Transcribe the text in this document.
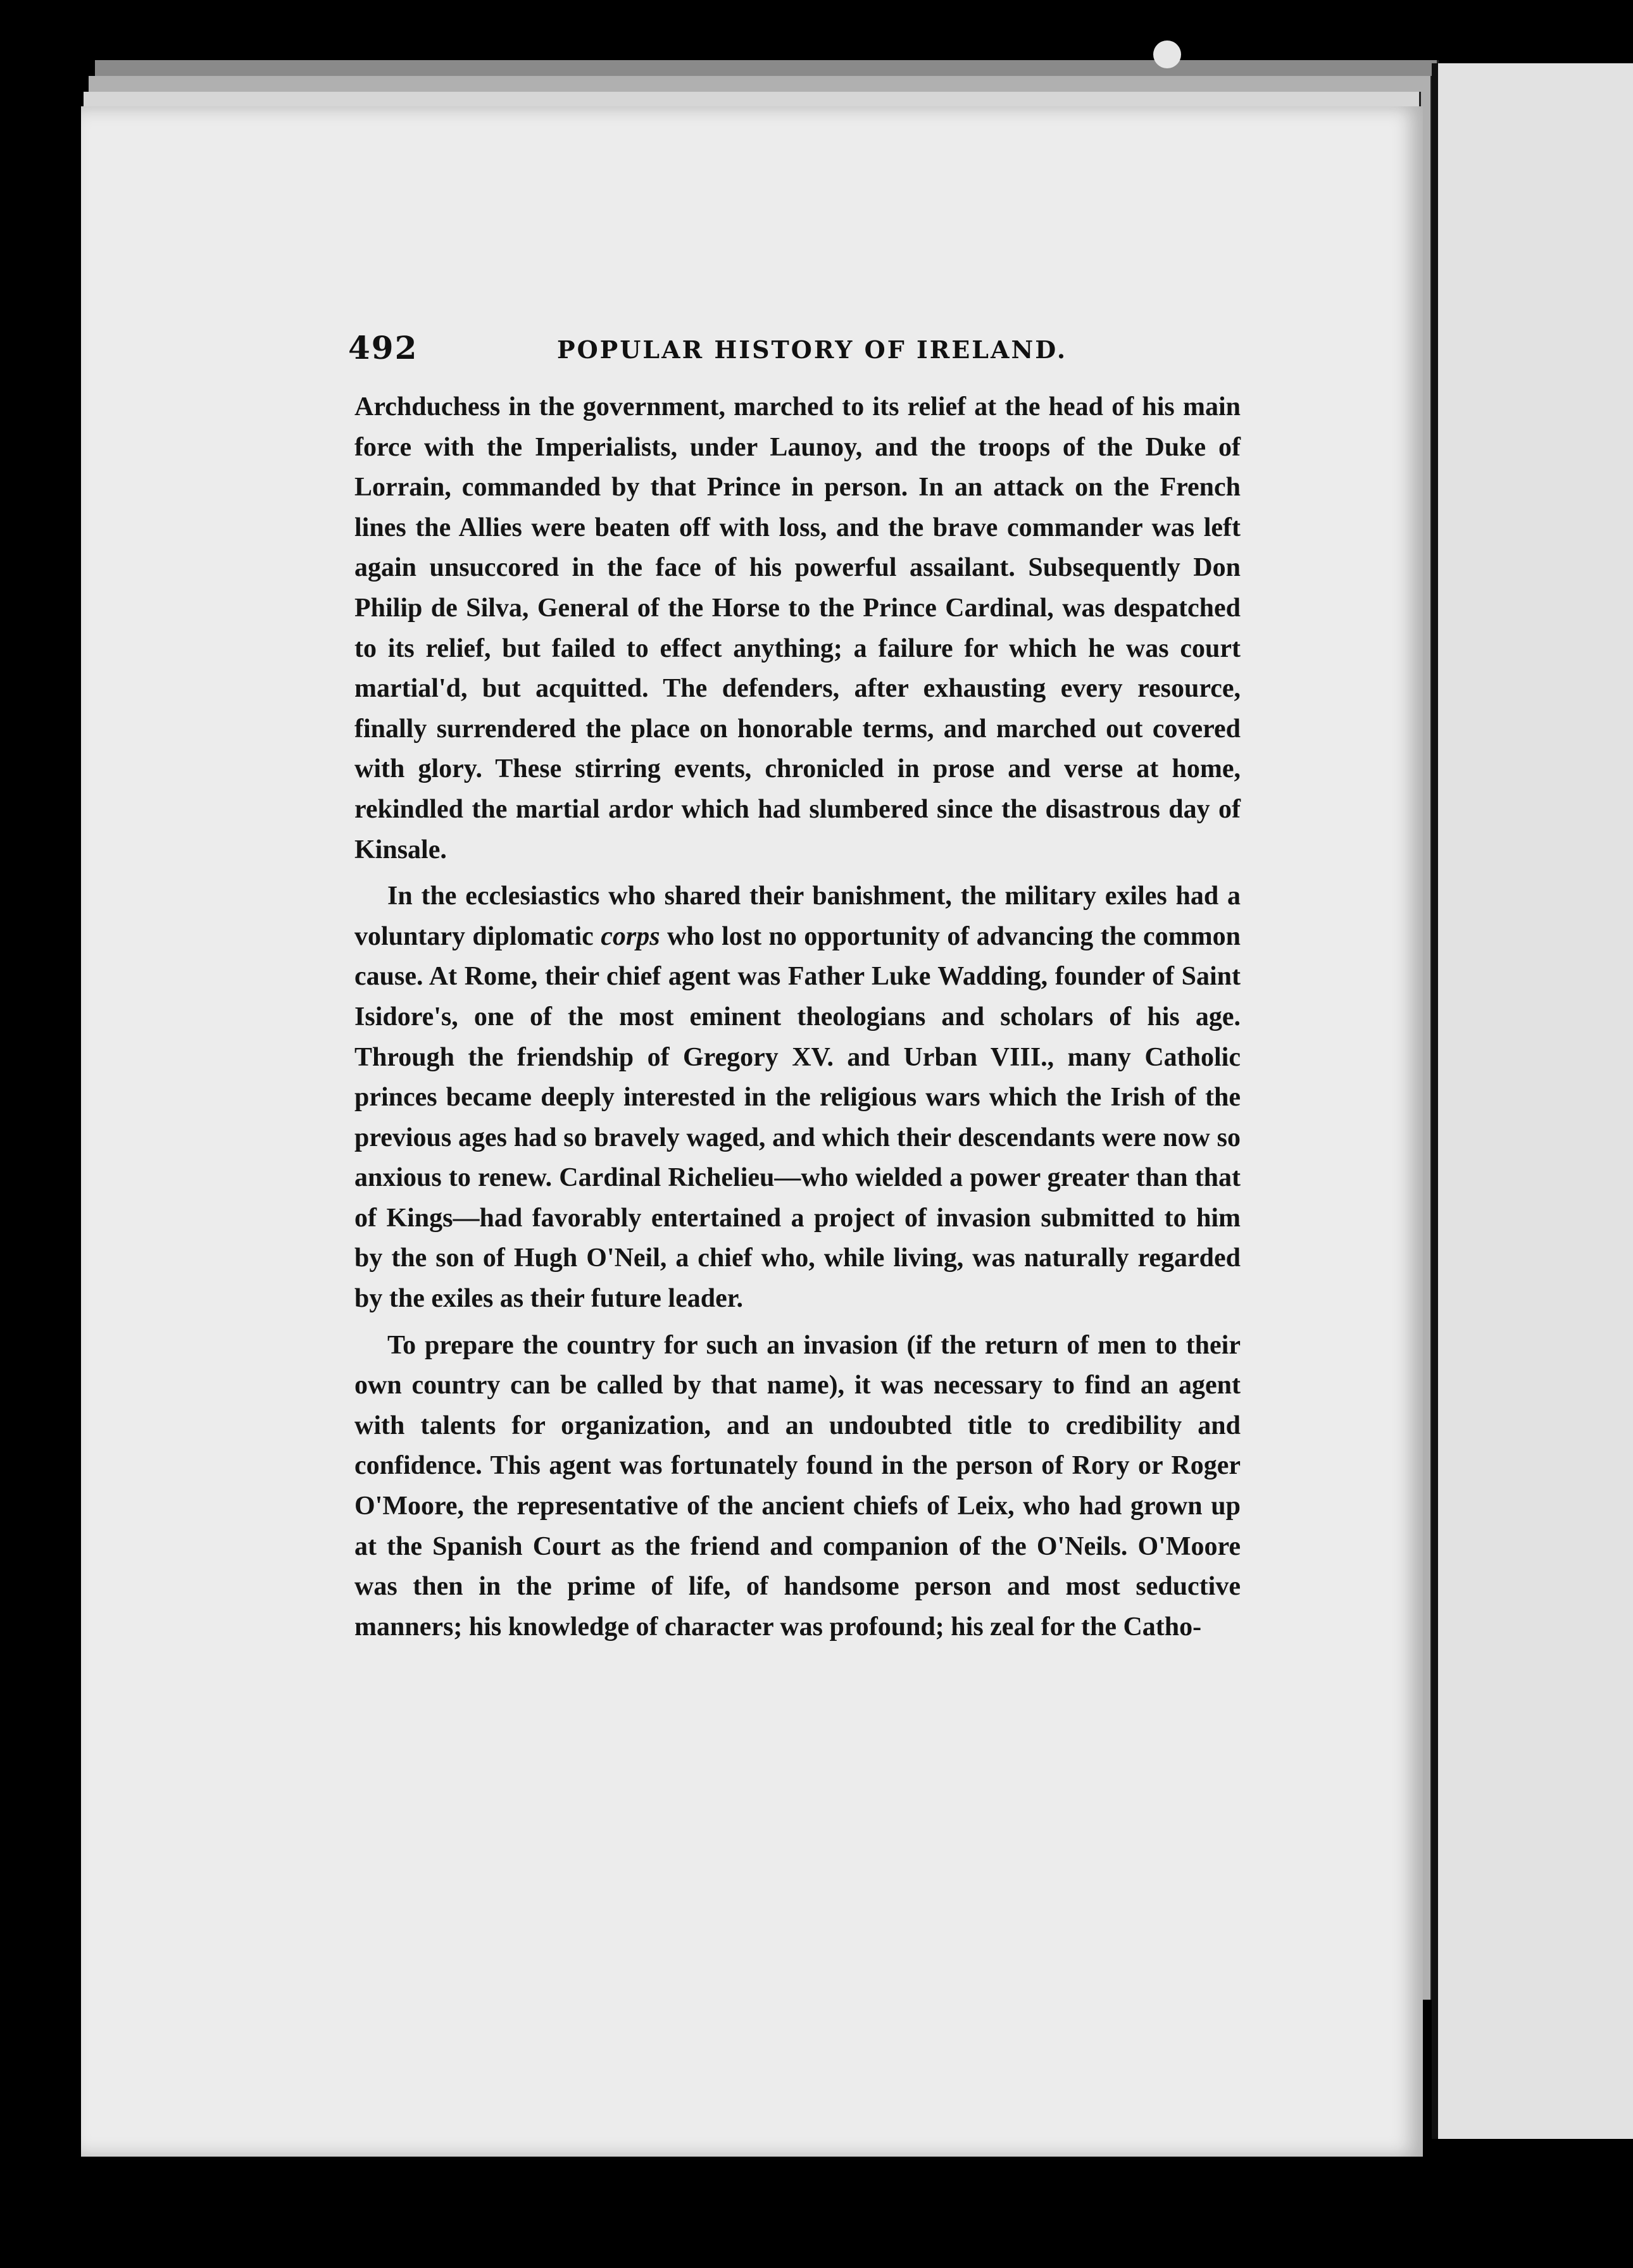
492	POPULAR HISTORY OF IRELAND.

Archduchess in the government, marched to its relief at the head of his main force with the Imperialists, under Launoy, and the troops of the Duke of Lorrain, commanded by that Prince in person. In an attack on the French lines the Allies were beaten off with loss, and the brave commander was left again unsuccored in the face of his powerful assailant. Subsequently Don Philip de Silva, General of the Horse to the Prince Cardinal, was despatched to its relief, but failed to effect anything; a failure for which he was court martial'd, but acquitted. The defenders, after exhausting every resource, finally surrendered the place on honorable terms, and marched out covered with glory. These stirring events, chronicled in prose and verse at home, rekindled the martial ardor which had slumbered since the disastrous day of Kinsale.

In the ecclesiastics who shared their banishment, the military exiles had a voluntary diplomatic corps who lost no opportunity of advancing the common cause. At Rome, their chief agent was Father Luke Wadding, founder of Saint Isidore's, one of the most eminent theologians and scholars of his age. Through the friendship of Gregory XV. and Urban VIII., many Catholic princes became deeply interested in the religious wars which the Irish of the previous ages had so bravely waged, and which their descendants were now so anxious to renew. Cardinal Richelieu—who wielded a power greater than that of Kings—had favorably entertained a project of invasion submitted to him by the son of Hugh O'Neil, a chief who, while living, was naturally regarded by the exiles as their future leader.

To prepare the country for such an invasion (if the return of men to their own country can be called by that name), it was necessary to find an agent with talents for organization, and an undoubted title to credibility and confidence. This agent was fortunately found in the person of Rory or Roger O'Moore, the representative of the ancient chiefs of Leix, who had grown up at the Spanish Court as the friend and companion of the O'Neils. O'Moore was then in the prime of life, of handsome person and most seductive manners; his knowledge of character was profound; his zeal for the Catho-
